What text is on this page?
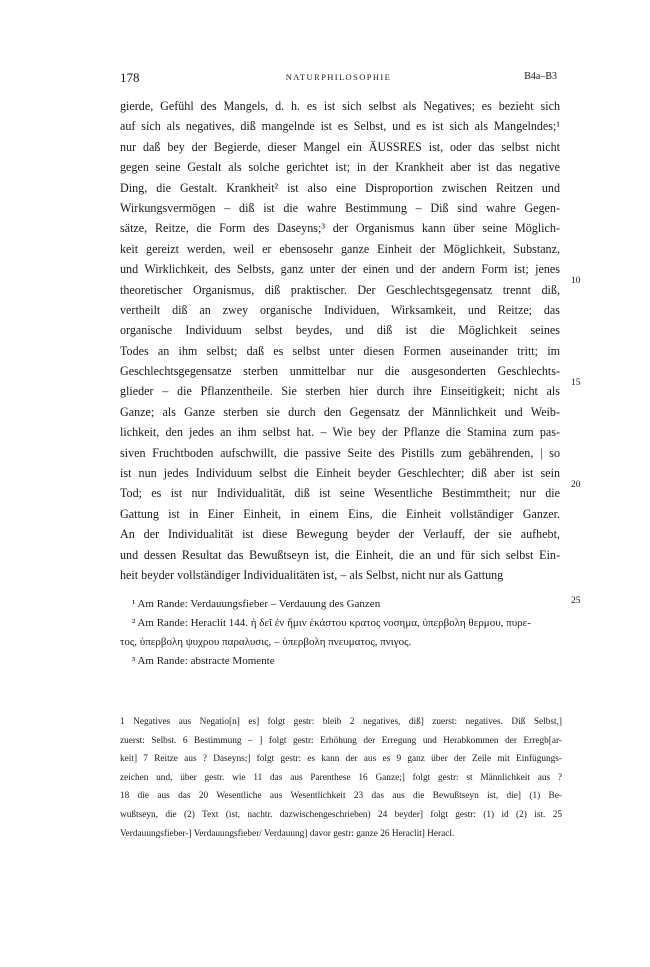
178	NATURPHILOSOPHIE	B4a–B3
gierde, Gefühl des Mangels, d. h. es ist sich selbst als Negatives; es bezieht sich
auf sich als negatives, diß mangelnde ist es Selbst, und es ist sich als Mangelndes;¹
nur daß bey der Begierde, dieser Mangel ein ÄUSSRES ist, oder das selbst nicht
gegen seine Gestalt als solche gerichtet ist; in der Krankheit aber ist das negative
Ding, die Gestalt. Krankheit² ist also eine Disproportion zwischen Reitzen und
Wirkungsvermögen – diß ist die wahre Bestimmung – Diß sind wahre Gegen-
sätze, Reitze, die Form des Daseyns;³ der Organismus kann über seine Möglich-
keit gereizt werden, weil er ebensosehr ganze Einheit der Möglichkeit, Substanz,
und Wirklichkeit, des Selbsts, ganz unter der einen und der andern Form ist; jenes
theoretischer Organismus, diß praktischer. Der Geschlechtsgegensatz trennt diß,
vertheilt diß an zwey organische Individuen, Wirksamkeit, und Reitze; das
organische Individuum selbst beydes, und diß ist die Möglichkeit seines
Todes an ihm selbst; daß es selbst unter diesen Formen auseinander tritt; im
Geschlechtsgegensatze sterben unmittelbar nur die ausgesonderten Geschlechts-
glieder – die Pflanzentheile. Sie sterben hier durch ihre Einseitigkeit; nicht als
Ganze; als Ganze sterben sie durch den Gegensatz der Männlichkeit und Weib-
lichkeit, den jedes an ihm selbst hat. – Wie bey der Pflanze die Stamina zum pas-
siven Fruchtboden aufschwillt, die passive Seite des Pistills zum gebährenden, | so
ist nun jedes Individuum selbst die Einheit beyder Geschlechter; diß aber ist sein
Tod; es ist nur Individualität, diß ist seine Wesentliche Bestimmtheit; nur die
Gattung ist in Einer Einheit, in einem Eins, die Einheit vollständiger Ganzer.
An der Individualität ist diese Bewegung beyder der Verlauff, der sie aufhebt,
und dessen Resultat das Bewußtseyn ist, die Einheit, die an und für sich selbst Ein-
heit beyder vollständiger Individualitäten ist, – als Selbst, nicht nur als Gattung
10
15
20
25
¹ Am Rande: Verdauungsfieber – Verdauung des Ganzen
² Am Rande: Heraclit 144. ἡ δεῖ ἐν ἥμιν ἑκάστου κρατος νοσημα, ὑπερβολη θερμου, πυρε-
τος, ὑπερβολη ψυχρου παραλυσις, – ὑπερβολη πνευματος, πνιγος.
³ Am Rande: abstracte Momente
1 Negatives aus Negatio[n] es] folgt gestr: bleib 2 negatives, diß] zuerst: negatives. Diß Selbst,]
zuerst: Selbst. 6 Bestimmung – ] folgt gestr: Erhöhung der Erregung und Herabkommen der Erregb[ar-
keit] 7 Reitze aus ? Daseyns;] folgt gestr: es kann der aus es 9 ganz über der Zeile mit Einfügungs-
zeichen und, über gestr. wie 11 das aus Parenthese 16 Ganze;] folgt gestr: st Männlichkeit aus ?
18 die aus das 20 Wesentliche aus Wesentlichkeit 23 das aus die Bewußtseyn ist, die] (1) Be-
wußtseyn, die (2) Text (ist, nachtr. dazwischengeschrieben) 24 beyder] folgt gestr: (1) id (2) ist. 25
Verdauungsfieber-] Verdauungsfieber/ Verdauung] davor gestr: ganze 26 Heraclit] Heracl.
